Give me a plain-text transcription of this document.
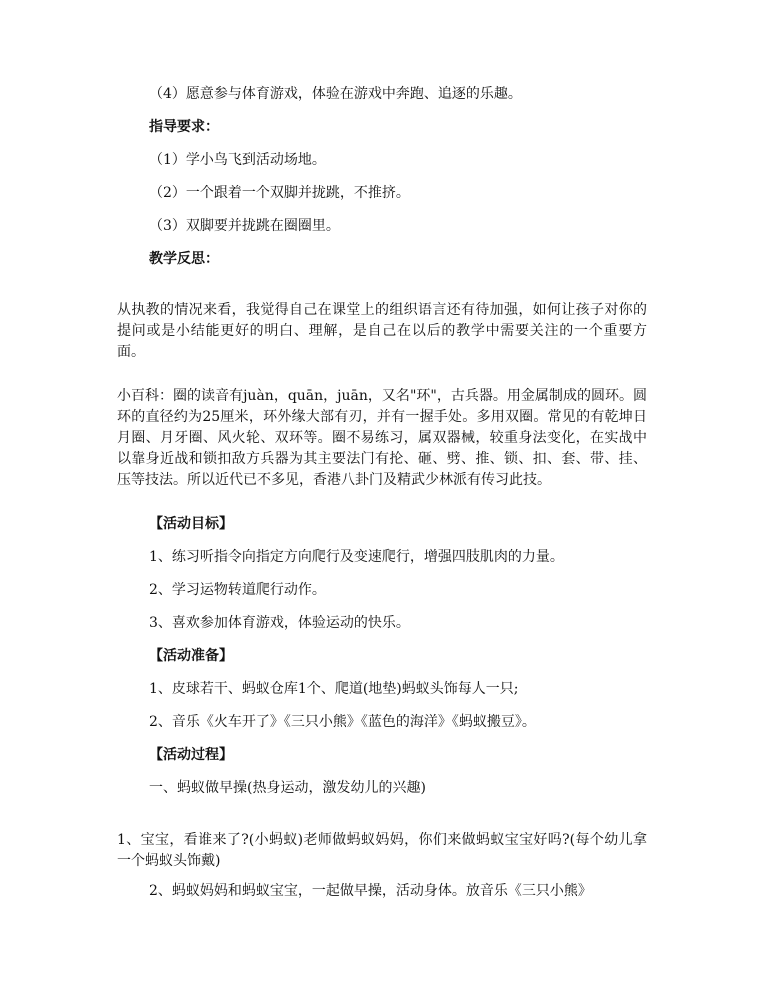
（4）愿意参与体育游戏，体验在游戏中奔跑、追逐的乐趣。
指导要求：
（1）学小鸟飞到活动场地。
（2）一个跟着一个双脚并拢跳，不推挤。
（3）双脚要并拢跳在圈圈里。
教学反思：
从执教的情况来看，我觉得自己在课堂上的组织语言还有待加强，如何让孩子对你的提问或是小结能更好的明白、理解，是自己在以后的教学中需要关注的一个重要方面。
小百科：圈的读音有juàn，quān，juān，又名"环"，古兵器。用金属制成的圆环。圆环的直径约为25厘米，环外缘大部有刃，并有一握手处。多用双圈。常见的有乾坤日月圈、月牙圈、风火轮、双环等。圈不易练习，属双器械，较重身法变化，在实战中以靠身近战和锁扣敌方兵器为其主要法门有抡、砸、劈、推、锁、扣、套、带、挂、压等技法。所以近代已不多见，香港八卦门及精武少林派有传习此技。
【活动目标】
1、练习听指令向指定方向爬行及变速爬行，增强四肢肌肉的力量。
2、学习运物转道爬行动作。
3、喜欢参加体育游戏，体验运动的快乐。
【活动准备】
1、皮球若干、蚂蚁仓库1个、爬道(地垫)蚂蚁头饰每人一只;
2、音乐《火车开了》《三只小熊》《蓝色的海洋》《蚂蚁搬豆》。
【活动过程】
一、蚂蚁做早操(热身运动，激发幼儿的兴趣)
1、宝宝，看谁来了?(小蚂蚁)老师做蚂蚁妈妈，你们来做蚂蚁宝宝好吗?(每个幼儿拿一个蚂蚁头饰戴)
2、蚂蚁妈妈和蚂蚁宝宝，一起做早操，活动身体。放音乐《三只小熊》
